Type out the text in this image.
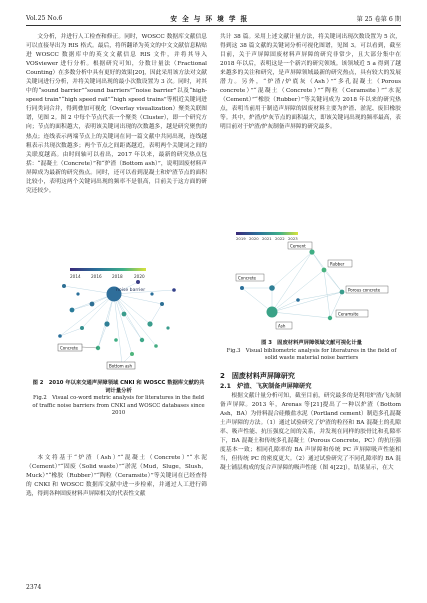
Vol.25 No.6	安 全 与 环 境 学 报	第 25 卷第 6 期

文分析，并进行人工检查和修正。同时，WOSCC 数据库文献信息可以直接导出为 RIS 格式。最后，将所翻译为英文的中文文献信息粘贴进 WOSCC 数据库中的英文文献信息 RIS 文件，并将其导入 VOSviewer 进行分析。根据研究可知，分数计量法（Fractional Counting）在多数分析中具有更好的效果[20]，因此采用该方法对文献关键词进行分析，并将关键词出现的最小次数设置为 3 次。同时，对其中的“sound barrier”“sound barriers”“noise barrier”以及“high-speed train”“high speed rail”“high speed trains”等相近关键词进行同类词合并，得到叠加可视化（Overlay visualization）聚类关联图谱，见图 2。图 2 中每个节点代表一个聚类（Cluster），即一个研究方向；节点的面积越大，表明该关键词出现的次数越多，越是研究聚焦的热点；连线表示两端节点上的关键词在同一篇文献中共同出现，连线越粗表示共现次数越多；两个节点之间距离越近，表明两个关键词之间的关联度越高。由时间轴可以看出，2017 年以来，最新的研究热点包括：“混凝土（Concrete）”和“炉渣（Bottom ash）”，说明固废材料声屏障成为最新的研究热点。同时，还可以看到混凝土和炉渣节点的面积比较小，表明这两个关键词出现的频率不是很高，目前关于这方面的研究还较少。

2014 2016 2018	2020
noise barrier
Concrete
Bottom ash
图 2　2010 年以来交通声屏障领域 CNKI 和 WOSCC 数据库文献的共词计量分析
Fig.2　Visual co-word metric analysis for literatures in the field of traffic noise barriers from CNKI and WOSCC databases since 2010

本文将基于“炉渣（Ash）”“混凝土（Concrete）”“水泥（Cement）”“固废（Solid waste）”“淤泥（Mud，Sluge，Slush，Muck）”“橡胶（Rubber）”“陶粒（Ceramsite）”等关键词在已经查得的 CNKI 和 WOSCC 数据库文献中进一步检索，并通过人工进行筛选，得到各种固废材料声屏障相关的代表性文献

2374

共计 38 篇。采用上述文献计量方法，将关键词出现次数设置为 5 次，得到这 38 篇文献的关键词分析可视化图谱，见图 3。可以看到，截至目前，关于声屏障固废材料声屏障的研究非常少，且大部分集中在 2018 年以后，表明这是一个新兴的研究领域。该领域近 5 a 得到了越来越多的关注和研究，是声屏障领域最新的研究热点，具有较大的发展潜力。另外，“炉渣/炉底灰（Ash）”“多孔混凝土（Porous concrete）”“混凝土（Concrete）”“陶粒（Ceramsite）”“水泥（Cement）”“橡胶（Rubber）”等关键词成为 2018 年以来的研究热点，表明当前用于制造声屏障的固废材料主要为炉渣、淤泥、废旧橡胶等。其中，炉渣/炉灰节点的面积最大，即该关键词出现的频率最高，表明目前对于炉渣/炉灰制备声屏障的研究最多。

2019 2020 2021 2022 2023
Cement
Rubber
Concrete
Porous concrete
Ceramsite
Ash
图 3　固废材料声屏障领域文献可视化计量
Fig.3　Visual bibliometric analysis for literatures in the field of solid waste material noise barriers
2　固废材料声屏障研究
2.1　炉渣、飞灰制备声屏障研究

根据文献计量分析可知，截至目前，研究最多的是利用炉渣/飞灰制备声屏障。2013 年，Arenas 等[21]提出了一种以炉渣（Bottom Ash，BA）为骨料混合硅酸盐水泥（Portland cement）制造多孔混凝土声屏障的方法。（1）通过试验研究了炉渣的粒径和 BA 混凝土的孔隙率、吸声性能、抗压强度之间的关系，并发现在同样的胶骨比和孔隙率下，BA 混凝土和传统多孔混凝土（Porous Concrete，PC）的抗压强度基本一致；相同孔隙率的 BA 声屏障和传统 PC 声屏障吸声性能相当，但传统 PC 的密度更大。（2）通过试验研究了不同孔隙率的 BA 混凝土铺层构成的复合声屏障的吸声性能（图 4[22]），结果显示，在大
